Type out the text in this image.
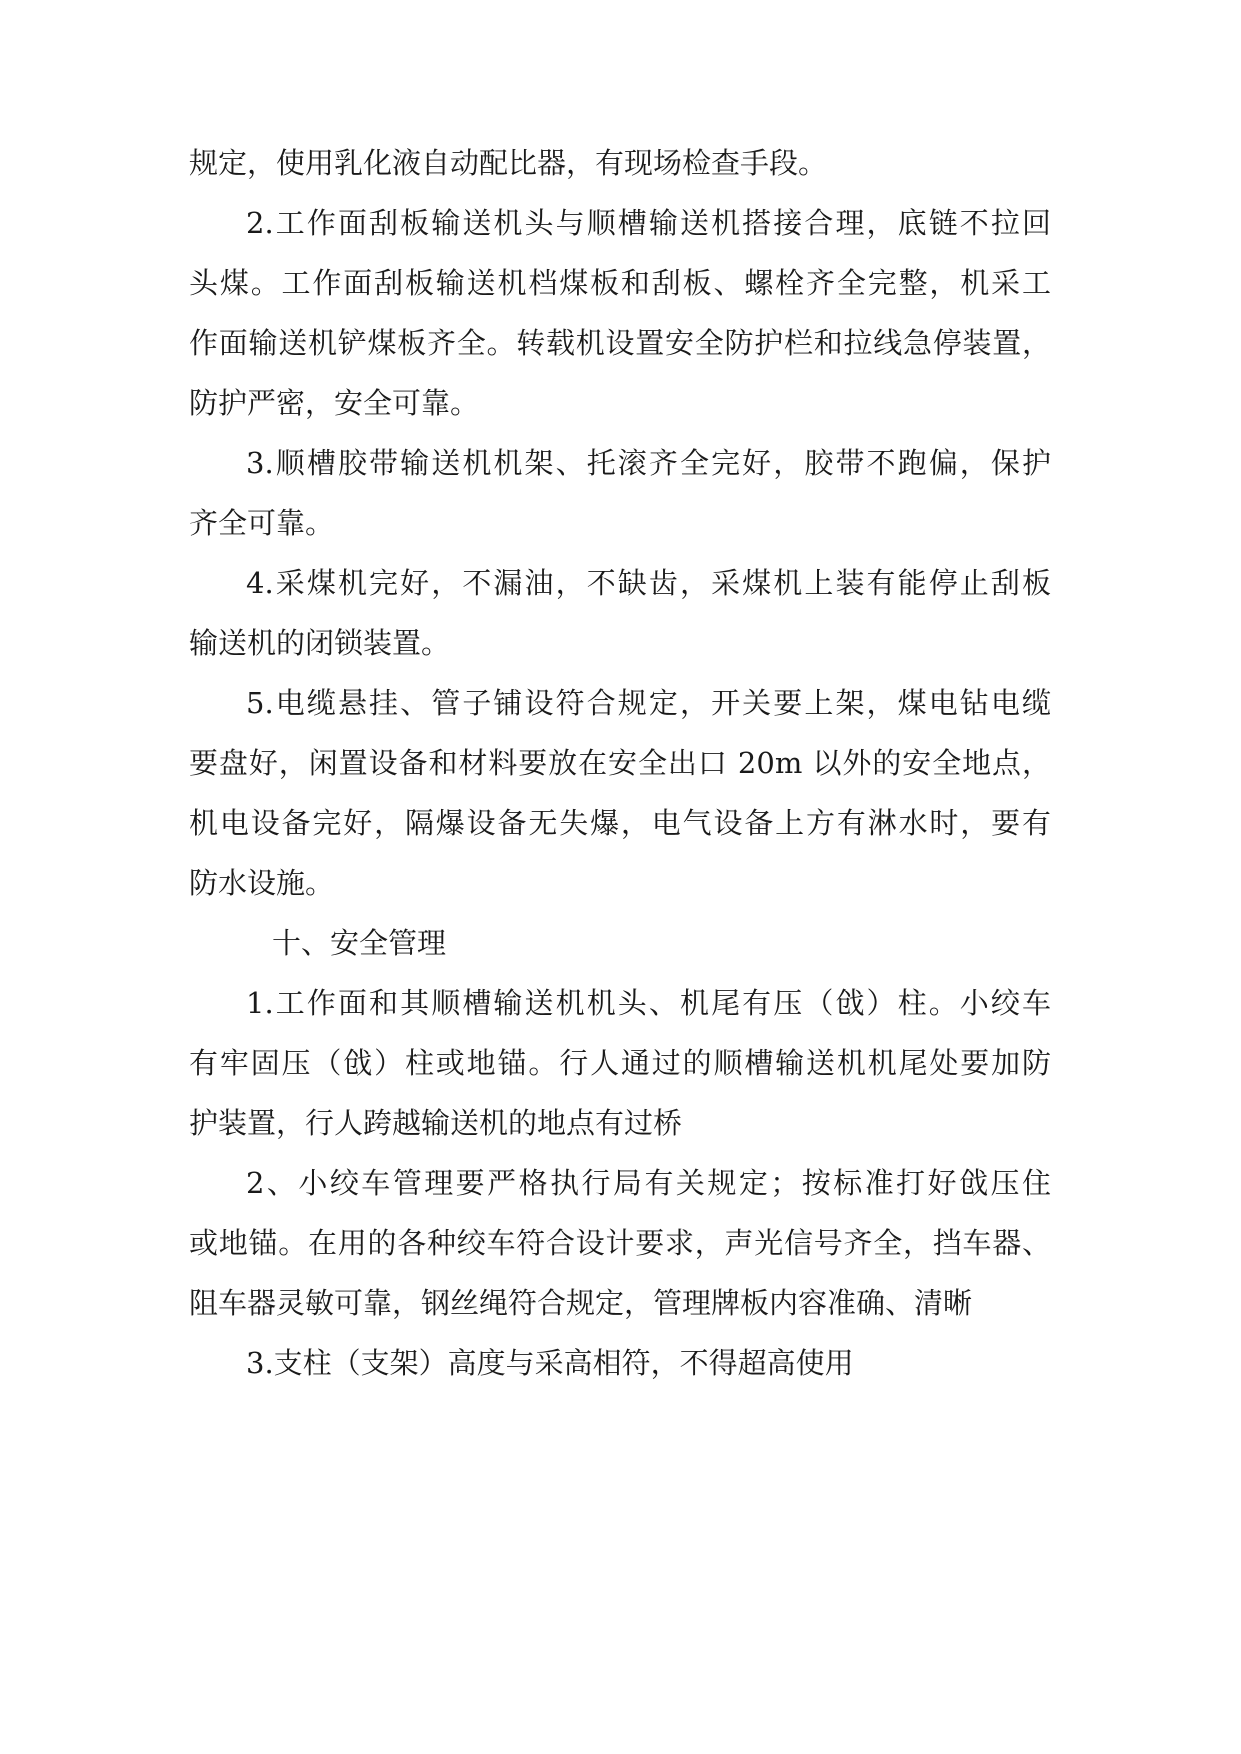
规定，使用乳化液自动配比器，有现场检查手段。
2.工作面刮板输送机头与顺槽输送机搭接合理，底链不拉回
头煤。工作面刮板输送机档煤板和刮板、螺栓齐全完整，机采工
作面输送机铲煤板齐全。转载机设置安全防护栏和拉线急停装置，
防护严密，安全可靠。
3.顺槽胶带输送机机架、托滚齐全完好，胶带不跑偏，保护
齐全可靠。
4.采煤机完好，不漏油，不缺齿，采煤机上装有能停止刮板
输送机的闭锁装置。
5.电缆悬挂、管子铺设符合规定，开关要上架，煤电钻电缆
要盘好，闲置设备和材料要放在安全出口 20m 以外的安全地点，
机电设备完好，隔爆设备无失爆，电气设备上方有淋水时，要有
防水设施。
十、安全管理
1.工作面和其顺槽输送机机头、机尾有压（戗）柱。小绞车
有牢固压（戗）柱或地锚。行人通过的顺槽输送机机尾处要加防
护装置，行人跨越输送机的地点有过桥
2、小绞车管理要严格执行局有关规定；按标准打好戗压住
或地锚。在用的各种绞车符合设计要求，声光信号齐全，挡车器、
阻车器灵敏可靠，钢丝绳符合规定，管理牌板内容准确、清晰
3.支柱（支架）高度与采高相符，不得超高使用
